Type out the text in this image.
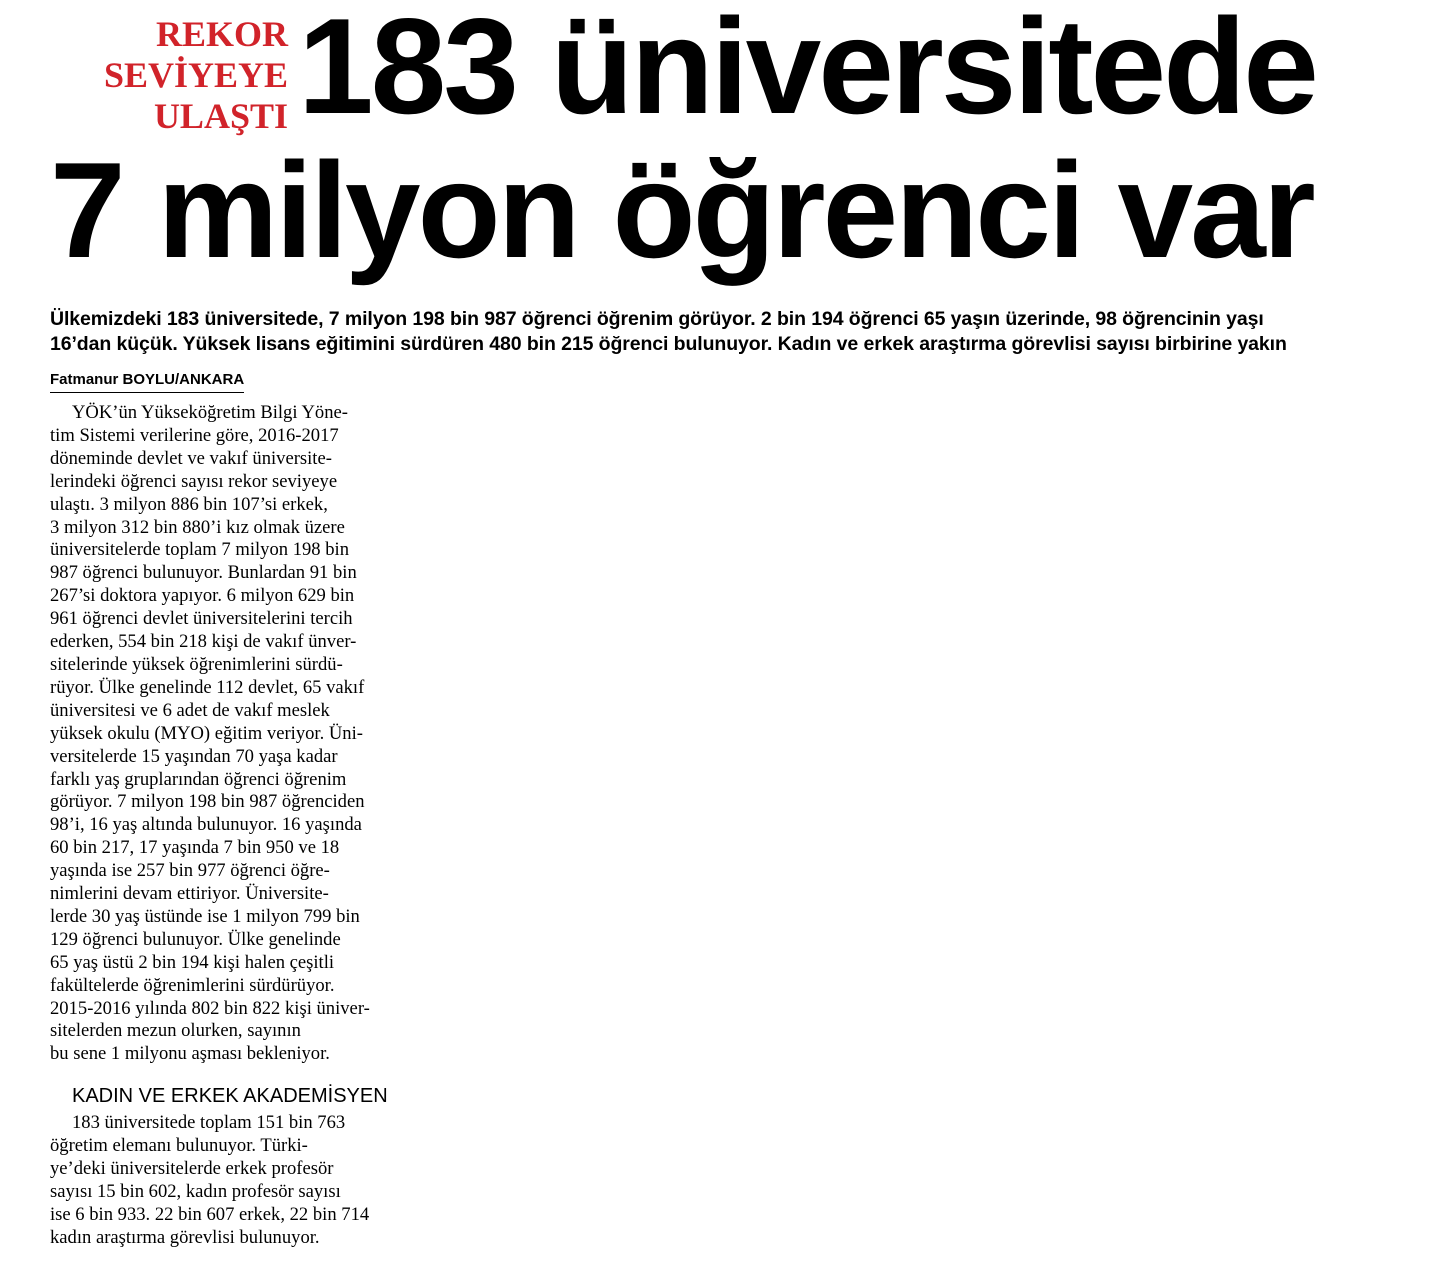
REKOR
SEVİYEYE
ULAŞTI 183 üniversitede
7 milyon öğrenci var
Ülkemizdeki 183 üniversitede, 7 milyon 198 bin 987 öğrenci öğrenim görüyor. 2 bin 194 öğrenci 65 yaşın üzerinde, 98 öğrencinin yaşı
16’dan küçük. Yüksek lisans eğitimini sürdüren 480 bin 215 öğrenci bulunuyor. Kadın ve erkek araştırma görevlisi sayısı birbirine yakın
Fatmanur BOYLU/ANKARA
YÖK’ün Yükseköğretim Bilgi Yöne-
tim Sistemi verilerine göre, 2016-2017
döneminde devlet ve vakıf üniversite-
lerindeki öğrenci sayısı rekor seviyeye
ulaştı. 3 milyon 886 bin 107’si erkek,
3 milyon 312 bin 880’i kız olmak üzere
üniversitelerde toplam 7 milyon 198 bin
987 öğrenci bulunuyor. Bunlardan 91 bin
267’si doktora yapıyor. 6 milyon 629 bin
961 öğrenci devlet üniversitelerini tercih
ederken, 554 bin 218 kişi de vakıf ünver-
sitelerinde yüksek öğrenimlerini sürdü-
rüyor. Ülke genelinde 112 devlet, 65 vakıf
üniversitesi ve 6 adet de vakıf meslek
yüksek okulu (MYO) eğitim veriyor. Üni-
versitelerde 15 yaşından 70 yaşa kadar
farklı yaş gruplarından öğrenci öğrenim
görüyor. 7 milyon 198 bin 987 öğrenciden
98’i, 16 yaş altında bulunuyor. 16 yaşında
60 bin 217, 17 yaşında 7 bin 950 ve 18
yaşında ise 257 bin 977 öğrenci öğre-
nimlerini devam ettiriyor. Üniversite-
lerde 30 yaş üstünde ise 1 milyon 799 bin
129 öğrenci bulunuyor. Ülke genelinde
65 yaş üstü 2 bin 194 kişi halen çeşitli
fakültelerde öğrenimlerini sürdürüyor.
2015-2016 yılında 802 bin 822 kişi üniver-
sitelerden mezun olurken, sayının
bu sene 1 milyonu aşması bekleniyor.
KADIN VE ERKEK AKADEMİSYEN
183 üniversitede toplam 151 bin 763
öğretim elemanı bulunuyor. Türki-
ye’deki üniversitelerde erkek profesör
sayısı 15 bin 602, kadın profesör sayısı
ise 6 bin 933. 22 bin 607 erkek, 22 bin 714
kadın araştırma görevlisi bulunuyor.
